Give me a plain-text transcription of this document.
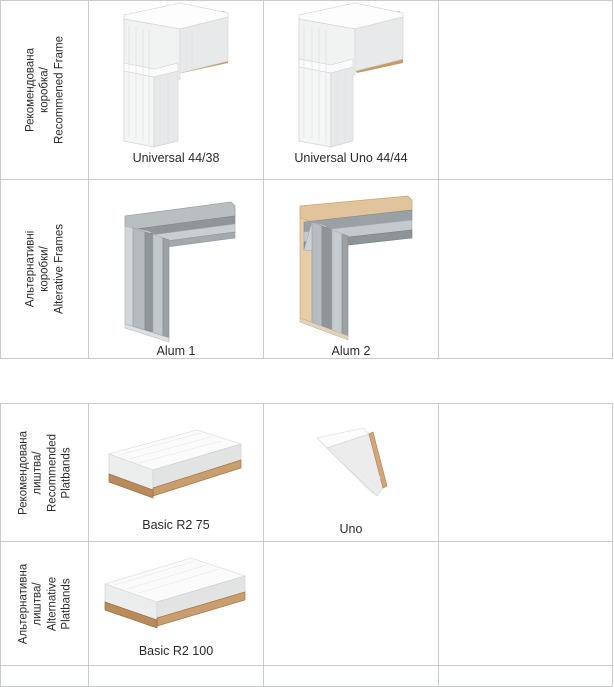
Рекомендована коробка/ Recommened Frame	Universal 44/38	Universal Uno 44/44	

Альтернативні коробки/ Alterative Frames	Alum 1	Alum 2	

Рекомендована лиштва/ Recommended Platbands	Basic R2 75	Uno	

Альтернативна лиштва/ Alternative Platbands	Basic R2 100		
